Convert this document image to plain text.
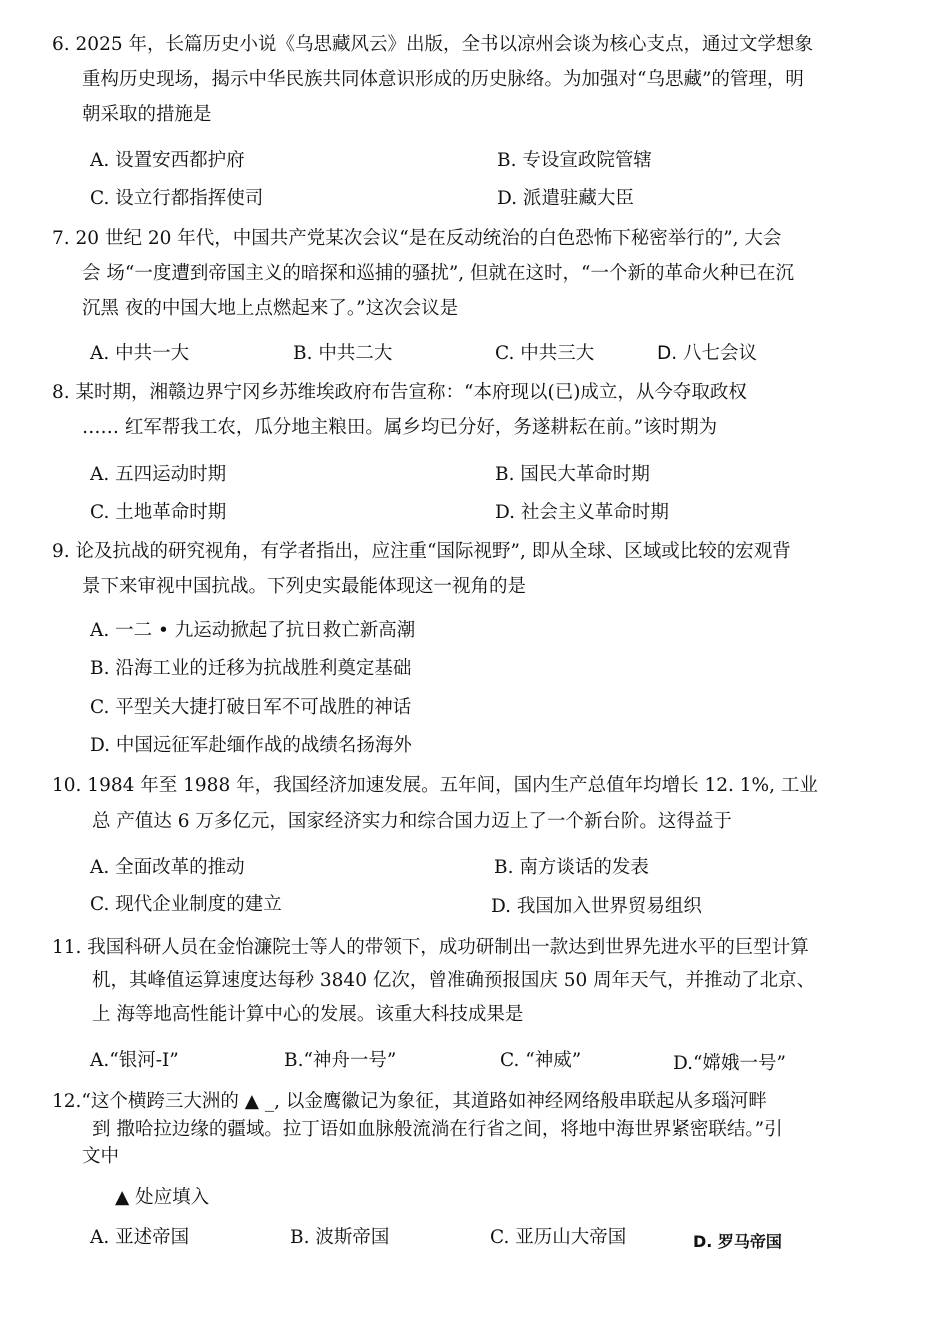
6. 2025 年，长篇历史小说《乌思藏风云》出版，全书以凉州会谈为核心支点，通过文学想象
重构历史现场，揭示中华民族共同体意识形成的历史脉络。为加强对“乌思藏”的管理，明
朝采取的措施是
A. 设置安西都护府	B. 专设宣政院管辖
C. 设立行都指挥使司	D. 派遣驻藏大臣
7. 20 世纪 20 年代，中国共产党某次会议“是在反动统治的白色恐怖下秘密举行的”, 大会
会 场“一度遭到帝国主义的暗探和巡捕的骚扰”, 但就在这时，“一个新的革命火种已在沉
沉黑 夜的中国大地上点燃起来了。”这次会议是
A. 中共一大	B. 中共二大	C. 中共三大	D. 八七会议
8. 某时期，湘赣边界宁冈乡苏维埃政府布告宣称：“本府现以(已)成立，从今夺取政权
…… 红军帮我工农，瓜分地主粮田。属乡均已分好，务遂耕耘在前。”该时期为
A. 五四运动时期	B. 国民大革命时期
C. 土地革命时期	D. 社会主义革命时期
9. 论及抗战的研究视角，有学者指出，应注重“国际视野”, 即从全球、区域或比较的宏观背
景下来审视中国抗战。下列史实最能体现这一视角的是
A. 一二 • 九运动掀起了抗日救亡新高潮
B. 沿海工业的迁移为抗战胜利奠定基础
C. 平型关大捷打破日军不可战胜的神话
D. 中国远征军赴缅作战的战绩名扬海外
10. 1984 年至 1988 年，我国经济加速发展。五年间，国内生产总值年均增长 12. 1%, 工业
总 产值达 6 万多亿元，国家经济实力和综合国力迈上了一个新台阶。这得益于
A. 全面改革的推动	B. 南方谈话的发表
C. 现代企业制度的建立	D. 我国加入世界贸易组织
11. 我国科研人员在金怡濂院士等人的带领下，成功研制出一款达到世界先进水平的巨型计算
机，其峰值运算速度达每秒 3840 亿次，曾准确预报国庆 50 周年天气，并推动了北京、
上 海等地高性能计算中心的发展。该重大科技成果是
A.“银河-I”	B.“神舟一号”	C. “神威”	D.“嫦娥一号”
12.“这个横跨三大洲的 ▲ _, 以金鹰徽记为象征，其道路如神经网络般串联起从多瑙河畔
到 撒哈拉边缘的疆域。拉丁语如血脉般流淌在行省之间，将地中海世界紧密联结。”引
文中
▲ 处应填入
A. 亚述帝国	B. 波斯帝国	C. 亚历山大帝国	D. 罗马帝国
